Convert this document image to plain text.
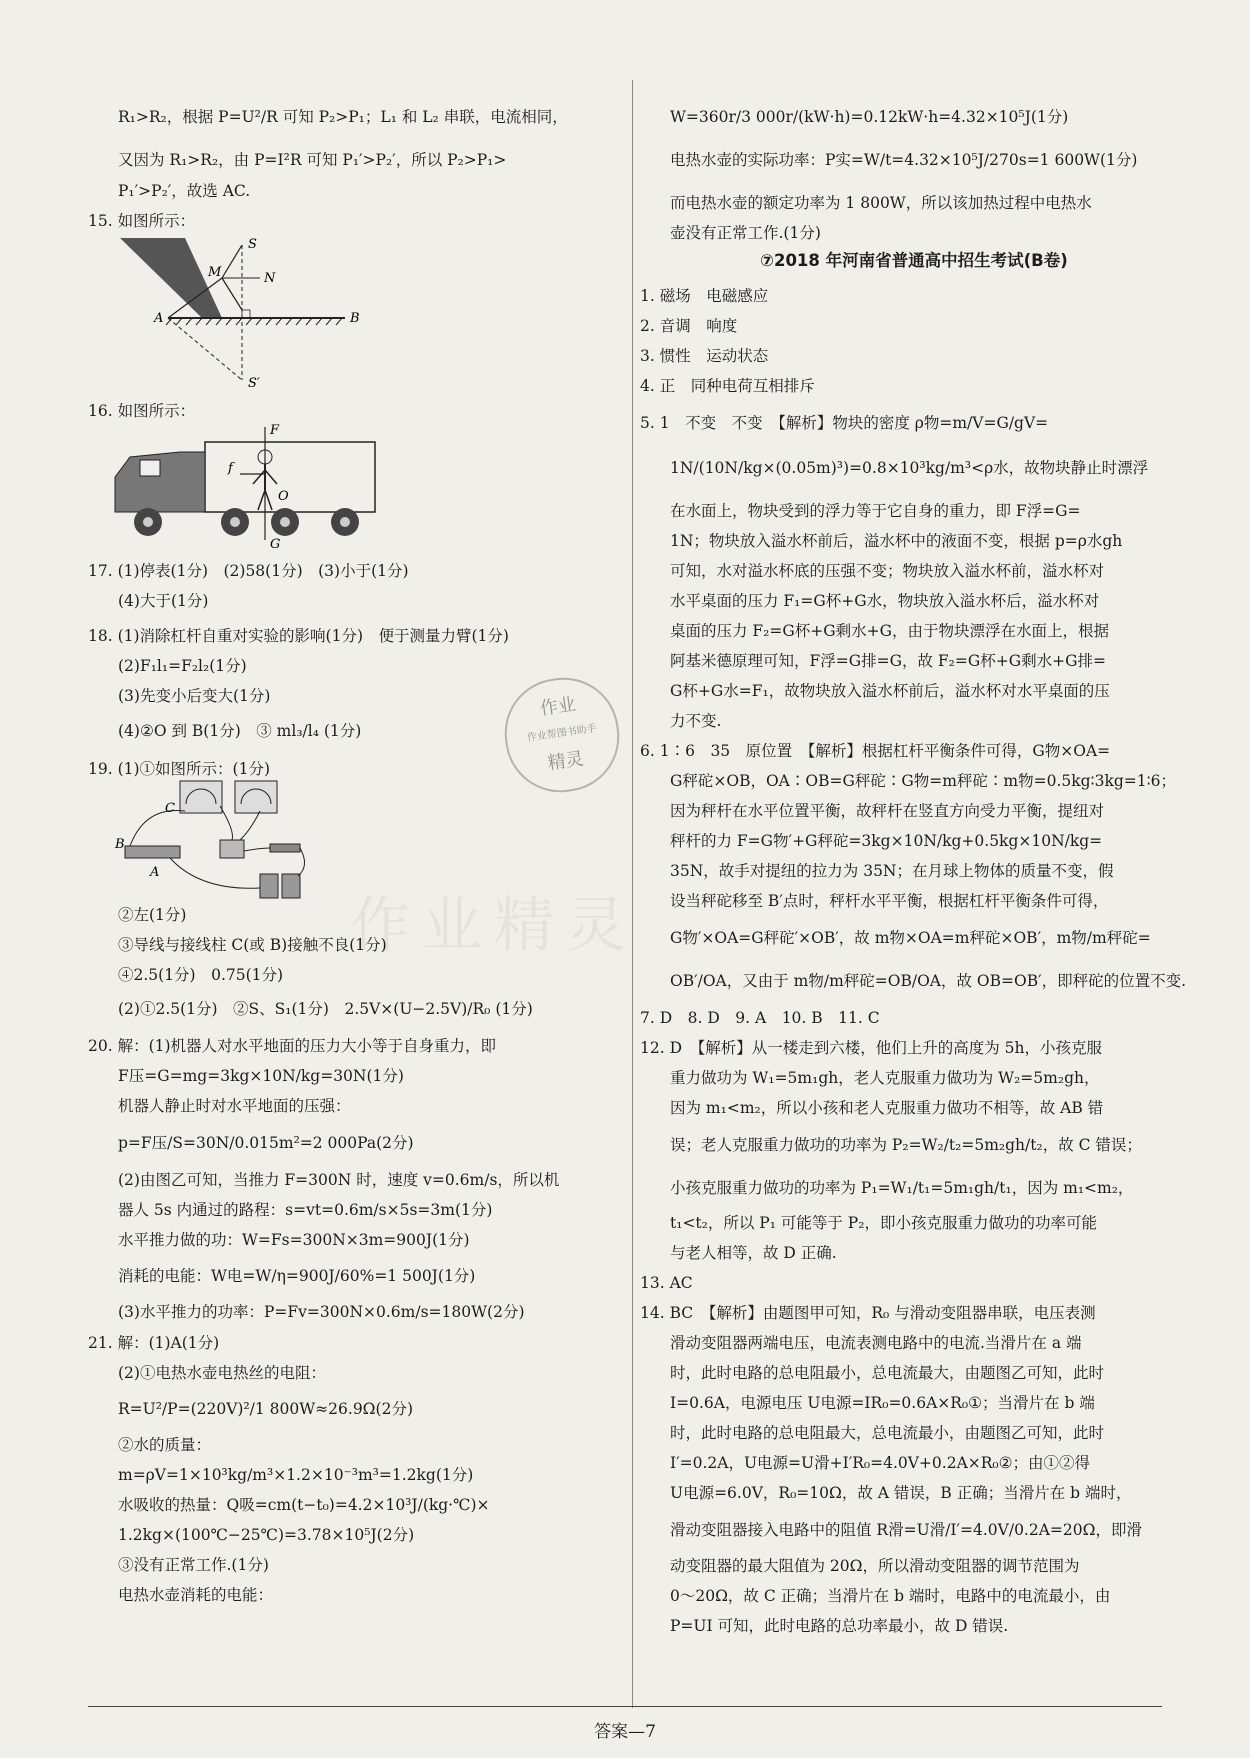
R₁>R₂，根据 P=U²/R 可知 P₂>P₁；L₁ 和 L₂ 串联，电流相同，
又因为 R₁>R₂，由 P=I²R 可知 P₁′>P₂′，所以 P₂>P₁>
P₁′>P₂′，故选 AC.
15. 如图所示：
16. 如图所示：
17. (1)停表(1分)　(2)58(1分)　(3)小于(1分)
(4)大于(1分)
18. (1)消除杠杆自重对实验的影响(1分)　便于测量力臂(1分)
(2)F₁l₁=F₂l₂(1分)
(3)先变小后变大(1分)
(4)②O 到 B(1分)　③ ml₃/l₄ (1分)
19. (1)①如图所示：(1分)
②左(1分)
③导线与接线柱 C(或 B)接触不良(1分)
④2.5(1分)　0.75(1分)
(2)①2.5(1分)　②S、S₁(1分)　2.5V×(U−2.5V)/R₀ (1分)
20. 解：(1)机器人对水平地面的压力大小等于自身重力，即
F压=G=mg=3kg×10N/kg=30N(1分)
机器人静止时对水平地面的压强：
p=F压/S=30N/0.015m²=2 000Pa(2分)
(2)由图乙可知，当推力 F=300N 时，速度 v=0.6m/s，所以机
器人 5s 内通过的路程：s=vt=0.6m/s×5s=3m(1分)
水平推力做的功：W=Fs=300N×3m=900J(1分)
消耗的电能：W电=W/η=900J/60%=1 500J(1分)
(3)水平推力的功率：P=Fv=300N×0.6m/s=180W(2分)
21. 解：(1)A(1分)
(2)①电热水壶电热丝的电阻：
R=U²/P=(220V)²/1 800W≈26.9Ω(2分)
②水的质量：
m=ρV=1×10³kg/m³×1.2×10⁻³m³=1.2kg(1分)
水吸收的热量：Q吸=cm(t−t₀)=4.2×10³J/(kg·℃)×
1.2kg×(100℃−25℃)=3.78×10⁵J(2分)
③没有正常工作.(1分)
电热水壶消耗的电能：
⑦2018 年河南省普通高中招生考试(B卷)
W=360r/3 000r/(kW·h)=0.12kW·h=4.32×10⁵J(1分)
电热水壶的实际功率：P实=W/t=4.32×10⁵J/270s=1 600W(1分)
而电热水壶的额定功率为 1 800W，所以该加热过程中电热水
壶没有正常工作.(1分)
1. 磁场　电磁感应
2. 音调　响度
3. 惯性　运动状态
4. 正　同种电荷互相排斥
5. 1　不变　不变　【解析】物块的密度 ρ物=m/V=G/gV=
1N/(10N/kg×(0.05m)³)=0.8×10³kg/m³<ρ水，故物块静止时漂浮
在水面上，物块受到的浮力等于它自身的重力，即 F浮=G=
1N；物块放入溢水杯前后，溢水杯中的液面不变，根据 p=ρ水gh
可知，水对溢水杯底的压强不变；物块放入溢水杯前，溢水杯对
水平桌面的压力 F₁=G杯+G水，物块放入溢水杯后，溢水杯对
桌面的压力 F₂=G杯+G剩水+G，由于物块漂浮在水面上，根据
阿基米德原理可知，F浮=G排=G，故 F₂=G杯+G剩水+G排=
G杯+G水=F₁，故物块放入溢水杯前后，溢水杯对水平桌面的压
力不变.
6. 1∶6　35　原位置　【解析】根据杠杆平衡条件可得，G物×OA=
G秤砣×OB，OA∶OB=G秤砣∶G物=m秤砣∶m物=0.5kg∶3kg=1∶6；
因为秤杆在水平位置平衡，故秤杆在竖直方向受力平衡，提纽对
秤杆的力 F=G物′+G秤砣=3kg×10N/kg+0.5kg×10N/kg=
35N，故手对提纽的拉力为 35N；在月球上物体的质量不变，假
设当秤砣移至 B′点时，秤杆水平平衡，根据杠杆平衡条件可得，
G物′×OA=G秤砣′×OB′，故 m物×OA=m秤砣×OB′，m物/m秤砣=
OB′/OA，又由于 m物/m秤砣=OB/OA，故 OB=OB′，即秤砣的位置不变.
7. D　8. D　9. A　10. B　11. C
12. D　【解析】从一楼走到六楼，他们上升的高度为 5h，小孩克服
重力做功为 W₁=5m₁gh，老人克服重力做功为 W₂=5m₂gh，
因为 m₁<m₂，所以小孩和老人克服重力做功不相等，故 AB 错
误；老人克服重力做功的功率为 P₂=W₂/t₂=5m₂gh/t₂，故 C 错误；
小孩克服重力做功的功率为 P₁=W₁/t₁=5m₁gh/t₁，因为 m₁<m₂，
t₁<t₂，所以 P₁ 可能等于 P₂，即小孩克服重力做功的功率可能
与老人相等，故 D 正确.
13. AC
14. BC　【解析】由题图甲可知，R₀ 与滑动变阻器串联，电压表测
滑动变阻器两端电压，电流表测电路中的电流.当滑片在 a 端
时，此时电路的总电阻最小，总电流最大，由题图乙可知，此时
I=0.6A，电源电压 U电源=IR₀=0.6A×R₀①；当滑片在 b 端
时，此时电路的总电阻最大，总电流最小，由题图乙可知，此时
I′=0.2A，U电源=U滑+I′R₀=4.0V+0.2A×R₀②；由①②得
U电源=6.0V，R₀=10Ω，故 A 错误，B 正确；当滑片在 b 端时，
滑动变阻器接入电路中的阻值 R滑=U滑/I′=4.0V/0.2A=20Ω，即滑
动变阻器的最大阻值为 20Ω，所以滑动变阻器的调节范围为
0～20Ω，故 C 正确；当滑片在 b 端时，电路中的电流最小，由
P=UI 可知，此时电路的总功率最小，故 D 错误.
S
M	N
A	B
S′
F
f
O
G
C
B
A
作业
作业帮图书助手
精灵
作业精灵
答案—7
